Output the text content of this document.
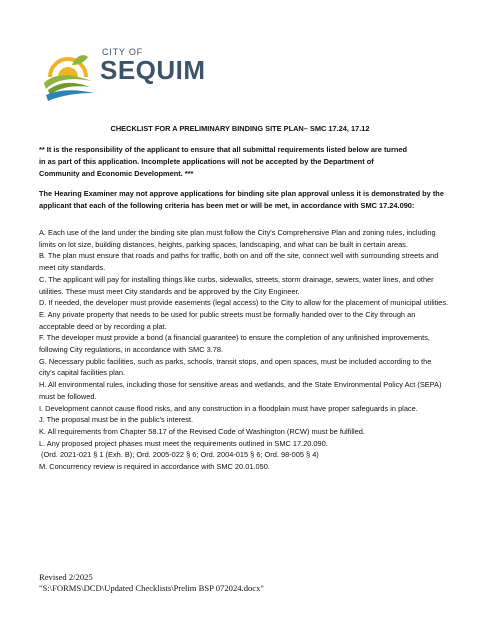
CITY OF
SEQUIM
CHECKLIST FOR A PRELIMINARY BINDING SITE PLAN– SMC 17.24, 17.12

** It is the responsibility of the applicant to ensure that all submittal requirements listed below are turned

in as part of this application. Incomplete applications will not be accepted by the Department of

Community and Economic Development. ***

The Hearing Examiner may not approve applications for binding site plan approval unless it is demonstrated by the applicant that each of the following criteria has been met or will be met, in accordance with SMC 17.24.090:

A. Each use of the land under the binding site plan must follow the City's Comprehensive Plan and zoning rules, including limits on lot size, building distances, heights, parking spaces, landscaping, and what can be built in certain areas.

B. The plan must ensure that roads and paths for traffic, both on and off the site, connect well with surrounding streets and meet city standards.

C. The applicant will pay for installing things like curbs, sidewalks, streets, storm drainage, sewers, water lines, and other utilities. These must meet City standards and be approved by the City Engineer.

D. If needed, the developer must provide easements (legal access) to the City to allow for the placement of municipal utilities.

E. Any private property that needs to be used for public streets must be formally handed over to the City through an acceptable deed or by recording a plat.

F. The developer must provide a bond (a financial guarantee) to ensure the completion of any unfinished improvements, following City regulations, in accordance with SMC 3.78.

G. Necessary public facilities, such as parks, schools, transit stops, and open spaces, must be included according to the city's capital facilities plan.

H. All environmental rules, including those for sensitive areas and wetlands, and the State Environmental Policy Act (SEPA) must be followed.

I. Development cannot cause flood risks, and any construction in a floodplain must have proper safeguards in place.

J. The proposal must be in the public's interest.

K. All requirements from Chapter 58.17 of the Revised Code of Washington (RCW) must be fulfilled.

L. Any proposed project phases must meet the requirements outlined in SMC 17.20.090.

(Ord. 2021-021 § 1 (Exh. B); Ord. 2005-022 § 6; Ord. 2004-015 § 6; Ord. 98-005 § 4)

M. Concurrency review is required in accordance with SMC 20.01.050.

Revised 2/2025

"S:\FORMS\DCD\Updated Checklists\Prelim BSP 072024.docx"
